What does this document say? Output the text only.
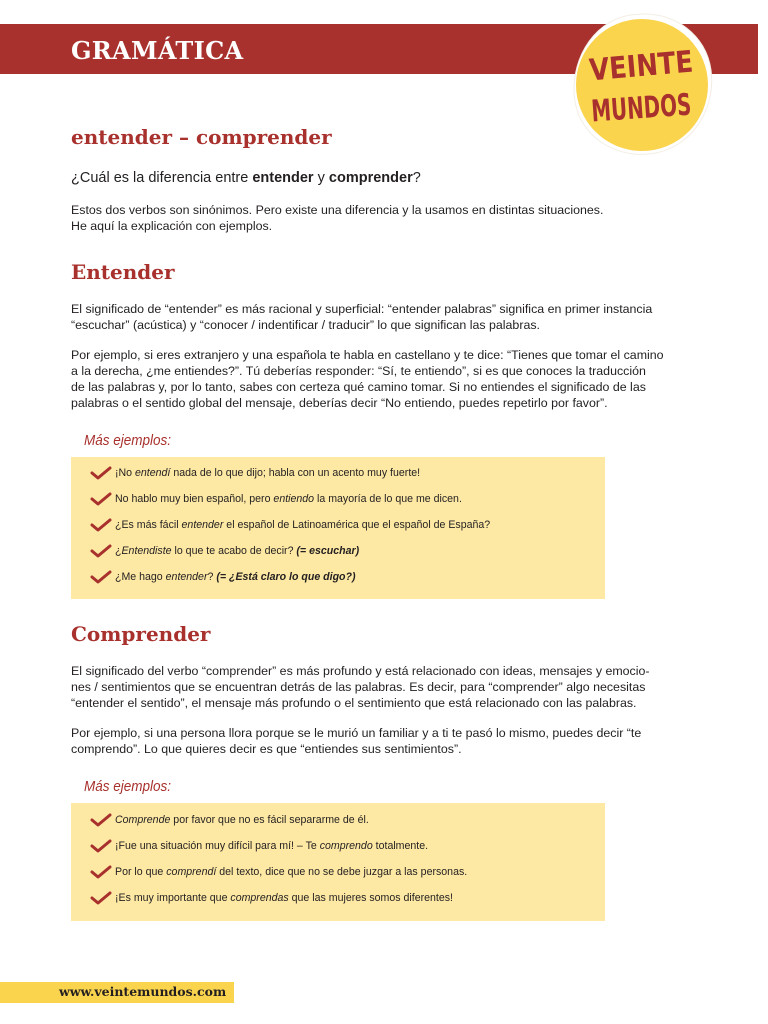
GRAMÁTICA	VEINTE
MUNDOS
entender – comprender

¿Cuál es la diferencia entre entender y comprender?

Estos dos verbos son sinónimos. Pero existe una diferencia y la usamos en distintas situaciones.
He aquí la explicación con ejemplos.

Entender

El significado de “entender” es más racional y superficial: “entender palabras” significa en primer instancia
“escuchar” (acústica) y “conocer / indentificar / traducir” lo que significan las palabras.

Por ejemplo, si eres extranjero y una española te habla en castellano y te dice: “Tienes que tomar el camino
a la derecha, ¿me entiendes?”. Tú deberías responder: “Sí, te entiendo”, si es que conoces la traducción
de las palabras y, por lo tanto, sabes con certeza qué camino tomar. Si no entiendes el significado de las
palabras o el sentido global del mensaje, deberías decir “No entiendo, puedes repetirlo por favor”.

Más ejemplos:

¡No entendí nada de lo que dijo; habla con un acento muy fuerte!
No hablo muy bien español, pero entiendo la mayoría de lo que me dicen.
¿Es más fácil entender el español de Latinoamérica que el español de España?
¿Entendiste lo que te acabo de decir? (= escuchar)
¿Me hago entender? (= ¿Está claro lo que digo?)
Comprender

El significado del verbo “comprender” es más profundo y está relacionado con ideas, mensajes y emocio-
nes / sentimientos que se encuentran detrás de las palabras. Es decir, para “comprender” algo necesitas
“entender el sentido”, el mensaje más profundo o el sentimiento que está relacionado con las palabras.

Por ejemplo, si una persona llora porque se le murió un familiar y a ti te pasó lo mismo, puedes decir “te
comprendo”. Lo que quieres decir es que “entiendes sus sentimientos”.

Más ejemplos:

Comprende por favor que no es fácil separarme de él.
¡Fue una situación muy difícil para mí! – Te comprendo totalmente.
Por lo que comprendí del texto, dice que no se debe juzgar a las personas.
¡Es muy importante que comprendas que las mujeres somos diferentes!

www.veintemundos.com
